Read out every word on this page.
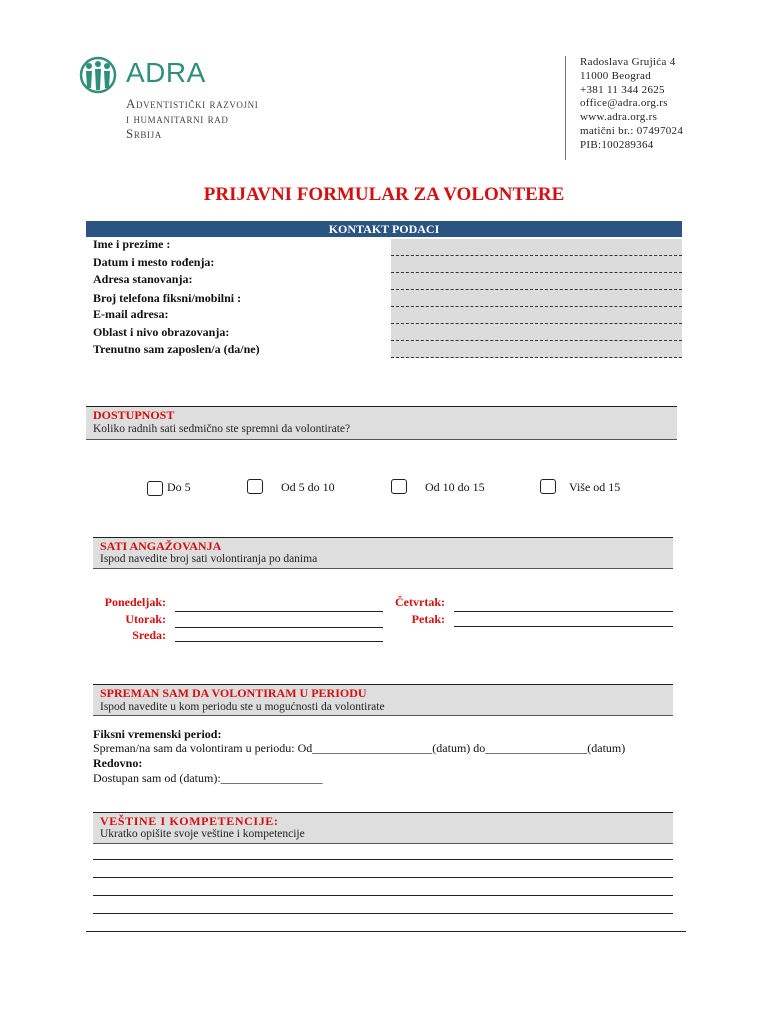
ADRA
Adventistički razvojni
i humanitarni rad
Srbija
Radoslava Grujića 4
11000 Beograd
+381 11 344 2625
office@adra.org.rs
www.adra.org.rs
matični br.: 07497024
PIB:100289364
PRIJAVNI FORMULAR ZA VOLONTERE
KONTAKT PODACI
Ime i prezime :
Datum i mesto rođenja:
Adresa stanovanja:
Broj telefona fiksni/mobilni :
E-mail adresa:
Oblast i nivo obrazovanja:
Trenutno sam zaposlen/a (da/ne)
DOSTUPNOST
Koliko radnih sati sedmično ste spremni da volontirate?
Do 5	Od 5 do 10	Od 10 do 15	Više od 15
SATI ANGAŽOVANJA
Ispod navedite broj sati volontiranja po danima
Ponedeljak:
Utorak:
Sreda:
Četvrtak:
Petak:
SPREMAN SAM DA VOLONTIRAM U PERIODU
Ispod navedite u kom periodu ste u mogućnosti da volontirate
Fiksni vremenski period:
Spreman/na sam da volontiram u periodu: Od____________________(datum) do_________________(datum)
Redovno:
Dostupan sam od (datum):_________________
VEŠTINE I KOMPETENCIJE:
Ukratko opišite svoje veštine i kompetencije
